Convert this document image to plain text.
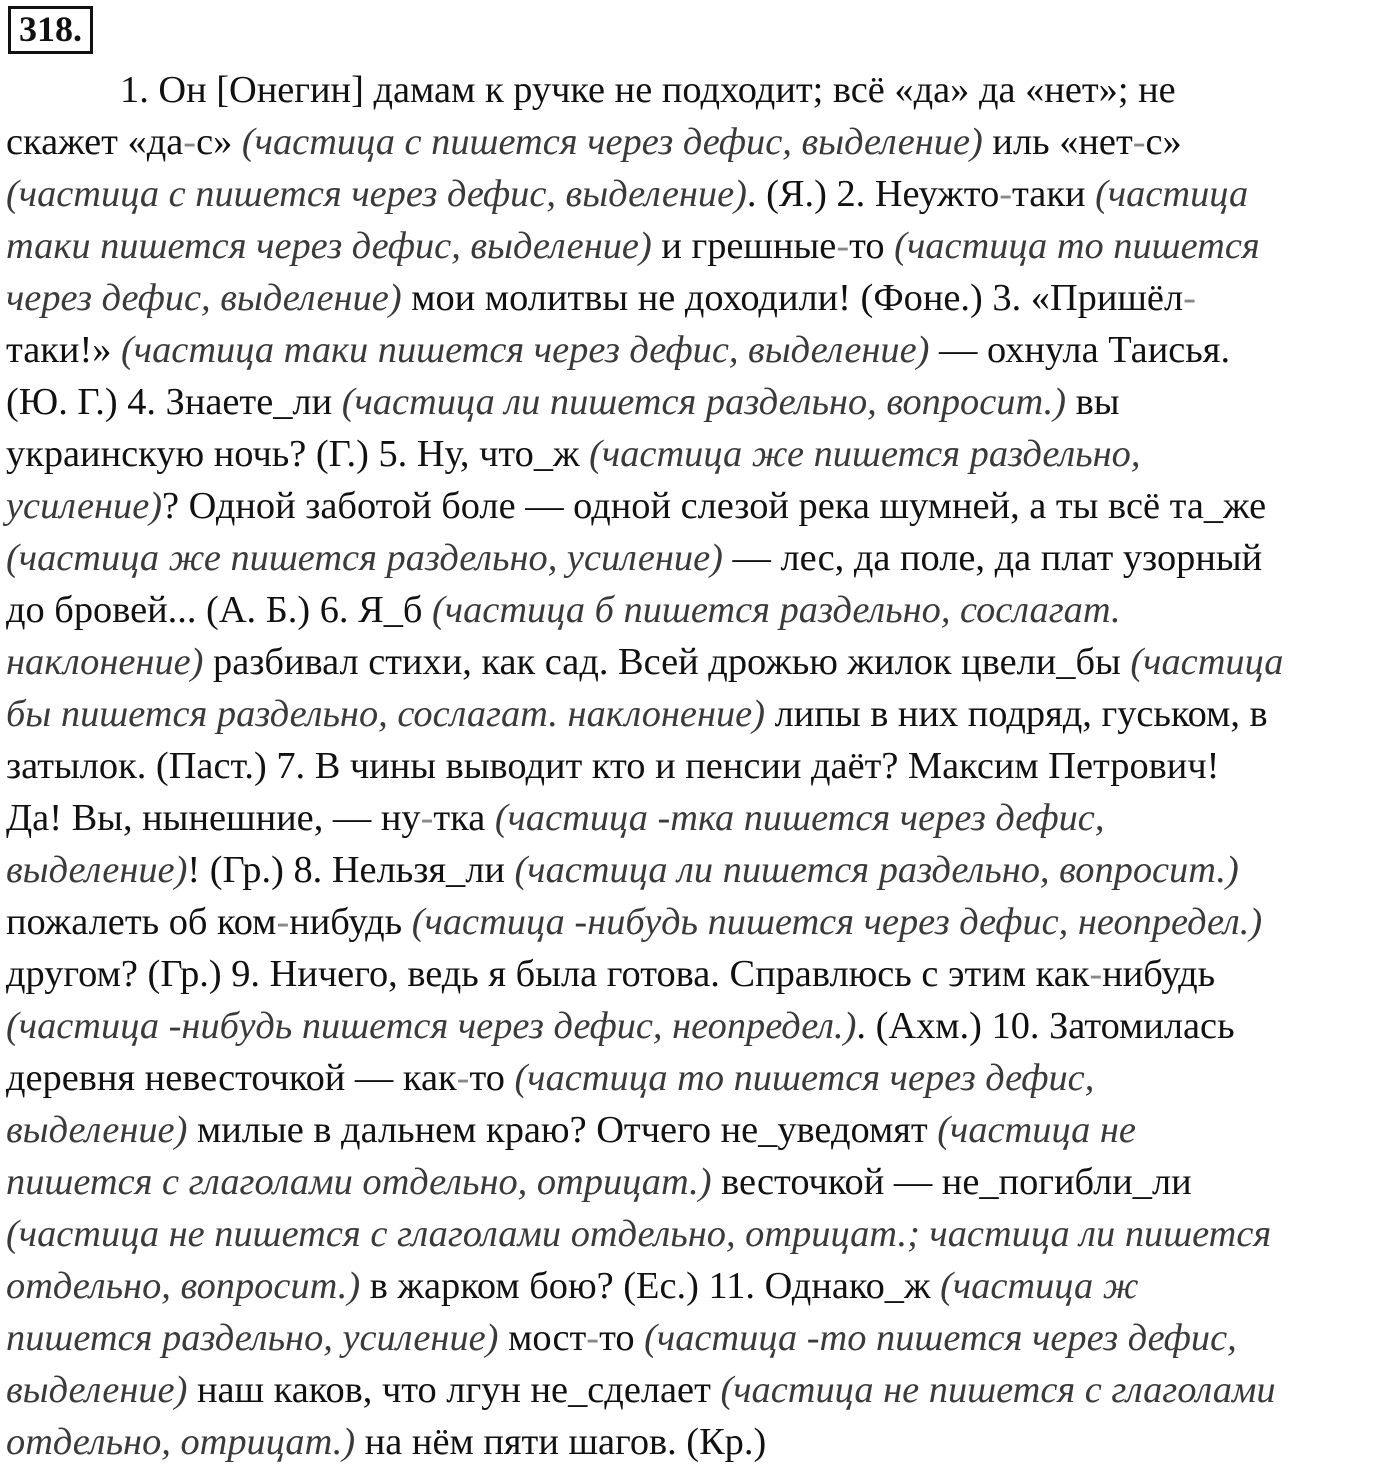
318.
1. Он [Онегин] дамам к ручке не подходит; всё «да» да «нет»; не
скажет «да-с» (частица с пишется через дефис, выделение) иль «нет-с»
(частица с пишется через дефис, выделение). (Я.) 2. Неужто-таки (частица
таки пишется через дефис, выделение) и грешные-то (частица то пишется
через дефис, выделение) мои молитвы не доходили! (Фоне.) 3. «Пришёл-
таки!» (частица таки пишется через дефис, выделение) — охнула Таисья.
(Ю. Г.) 4. Знаете_ли (частица ли пишется раздельно, вопросит.) вы
украинскую ночь? (Г.) 5. Ну, что_ж (частица же пишется раздельно,
усиление)? Одной заботой боле — одной слезой река шумней, а ты всё та_же
(частица же пишется раздельно, усиление) — лес, да поле, да плат узорный
до бровей... (А. Б.) 6. Я_б (частица б пишется раздельно, сослагат.
наклонение) разбивал стихи, как сад. Всей дрожью жилок цвели_бы (частица
бы пишется раздельно, сослагат. наклонение) липы в них подряд, гуськом, в
затылок. (Паст.) 7. В чины выводит кто и пенсии даёт? Максим Петрович!
Да! Вы, нынешние, — ну-тка (частица -тка пишется через дефис,
выделение)! (Гр.) 8. Нельзя_ли (частица ли пишется раздельно, вопросит.)
пожалеть об ком-нибудь (частица -нибудь пишется через дефис, неопредел.)
другом? (Гр.) 9. Ничего, ведь я была готова. Справлюсь с этим как-нибудь
(частица -нибудь пишется через дефис, неопредел.). (Ахм.) 10. Затомилась
деревня невесточкой — как-то (частица то пишется через дефис,
выделение) милые в дальнем краю? Отчего не_уведомят (частица не
пишется с глаголами отдельно, отрицат.) весточкой — не_погибли_ли
(частица не пишется с глаголами отдельно, отрицат.; частица ли пишется
отдельно, вопросит.) в жарком бою? (Ес.) 11. Однако_ж (частица ж
пишется раздельно, усиление) мост-то (частица -то пишется через дефис,
выделение) наш каков, что лгун не_сделает (частица не пишется с глаголами
отдельно, отрицат.) на нём пяти шагов. (Кр.)
